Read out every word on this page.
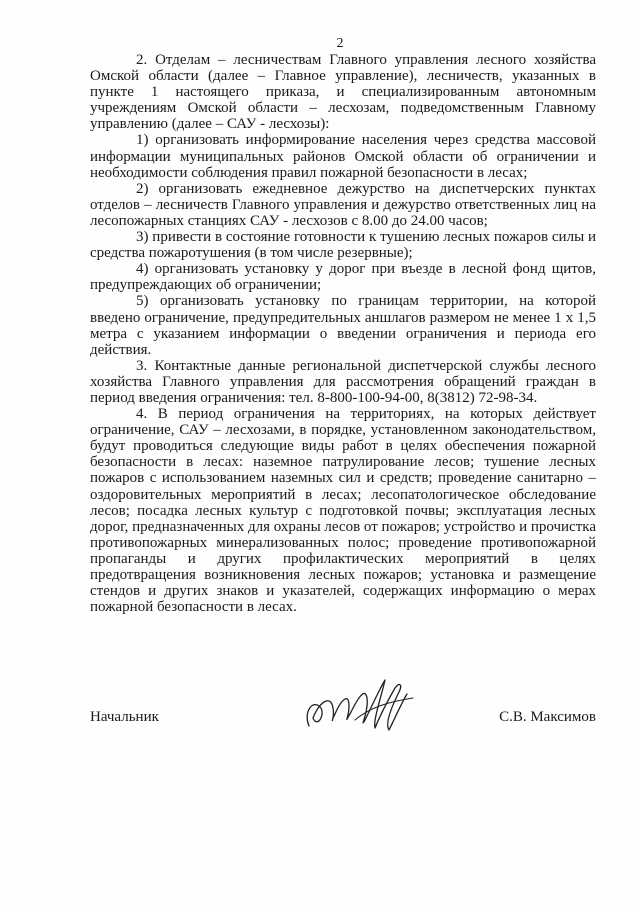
2

2. Отделам – лесничествам Главного управления лесного хозяйства Омской области (далее – Главное управление), лесничеств, указанных в пункте 1 настоящего приказа, и специализированным автономным учреждениям Омской области – лесхозам, подведомственным Главному управлению (далее – САУ - лесхозы):

1) организовать информирование населения через средства массовой информации муниципальных районов Омской области об ограничении и необходимости соблюдения правил пожарной безопасности в лесах;

2) организовать ежедневное дежурство на диспетчерских пунктах отделов – лесничеств Главного управления и дежурство ответственных лиц на лесопожарных станциях САУ - лесхозов с 8.00 до 24.00 часов;

3) привести в состояние готовности к тушению лесных пожаров силы и средства пожаротушения (в том числе резервные);

4) организовать установку у дорог при въезде в лесной фонд щитов, предупреждающих об ограничении;

5) организовать установку по границам территории, на которой введено ограничение, предупредительных аншлагов размером не менее 1 х 1,5 метра с указанием информации о введении ограничения и периода его действия.

3. Контактные данные региональной диспетчерской службы лесного хозяйства Главного управления для рассмотрения обращений граждан в период введения ограничения: тел. 8-800-100-94-00, 8(3812) 72-98-34.

4. В период ограничения на территориях, на которых действует ограничение, САУ – лесхозами, в порядке, установленном законодательством, будут проводиться следующие виды работ в целях обеспечения пожарной безопасности в лесах: наземное патрулирование лесов; тушение лесных пожаров с использованием наземных сил и средств; проведение санитарно – оздоровительных мероприятий в лесах; лесопатологическое обследование лесов; посадка лесных культур с подготовкой почвы; эксплуатация лесных дорог, предназначенных для охраны лесов от пожаров; устройство и прочистка противопожарных минерализованных полос; проведение противопожарной пропаганды и других профилактических мероприятий в целях предотвращения возникновения лесных пожаров; установка и размещение стендов и других знаков и указателей, содержащих информацию о мерах пожарной безопасности в лесах.

Начальник	С.В. Максимов
